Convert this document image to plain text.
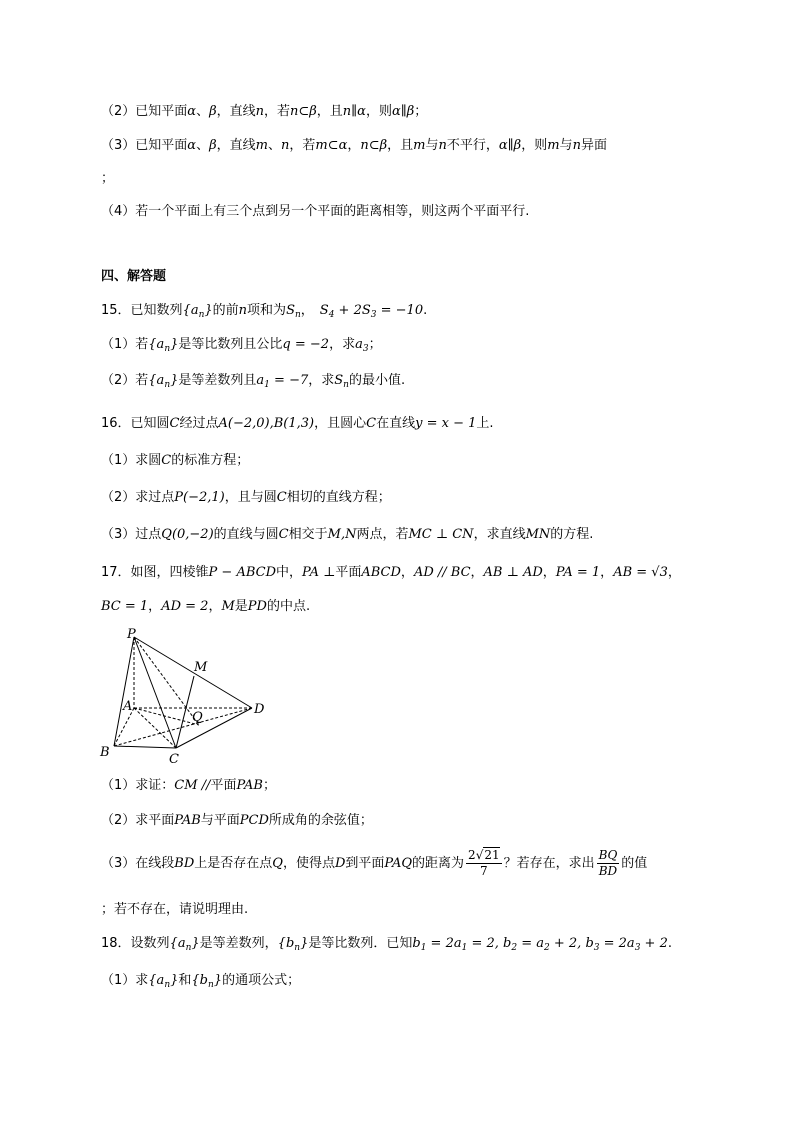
（2）已知平面α、β，直线n，若n⊂β，且n∥α，则α∥β；
（3）已知平面α、β，直线m、n，若m⊂α，n⊂β，且m与n不平行，α∥β，则m与n异面
；
（4）若一个平面上有三个点到另一个平面的距离相等，则这两个平面平行.
四、解答题
15．已知数列$\{a_n\}$的前n项和为$S_n$， $S_4 + 2S_3 = -10$.
（1）若$\{a_n\}$是等比数列且公比q = −2，求$a_3$；
（2）若$\{a_n\}$是等差数列且$a_1 = -7$，求$S_n$的最小值.
16．已知圆C经过点A(−2,0),B(1,3)，且圆心C在直线y = x − 1上.
（1）求圆C的标准方程；
（2）求过点P(−2,1)，且与圆C相切的直线方程；
（3）过点Q(0,−2)的直线与圆C相交于M,N两点，若MC ⊥ CN，求直线MN的方程.
17．如图，四棱锥P − ABCD中，PA ⊥平面ABCD，AD // BC，AB ⊥ AD，PA = 1，AB = √3，
BC = 1，AD = 2，M是PD的中点.
P
M
A
Q
D
B	C
（1）求证：CM //平面PAB；
（2）求平面PAB与平面PCD所成角的余弦值；
（3）在线段BD上是否存在点Q，使得点D到平面PAQ的距离为 $\frac{2√21}{7}$ ？若存在，求出 $\frac{BQ}{BD}$ 的值
；若不存在，请说明理由.
18．设数列$\{a_n\}$是等差数列，$\{b_n\}$是等比数列．已知$b_1 = 2a_1 = 2$, $b_2 = a_2 + 2$, $b_3 = 2a_3 + 2$.
（1）求$\{a_n\}$和$\{b_n\}$的通项公式；
